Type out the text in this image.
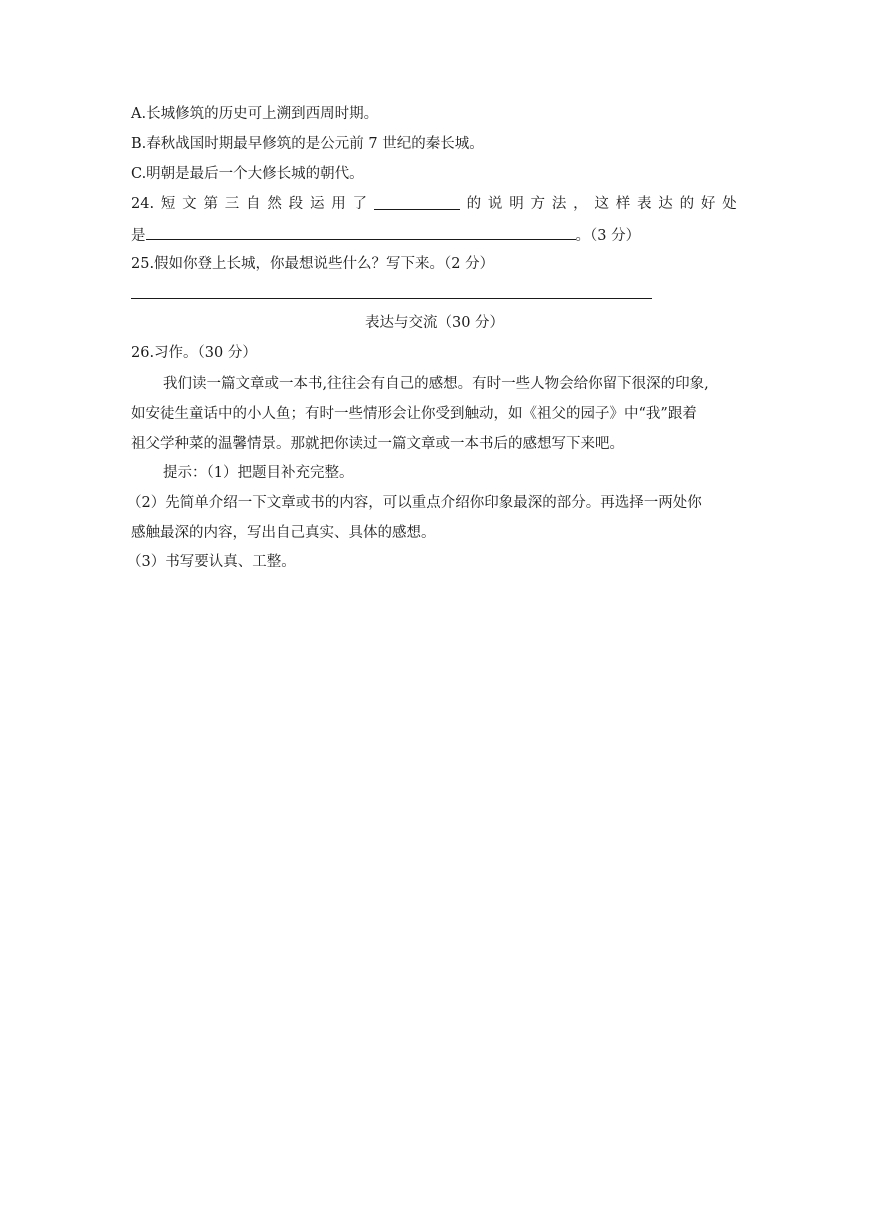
A.长城修筑的历史可上溯到西周时期。
B.春秋战国时期最早修筑的是公元前 7 世纪的秦长城。
C.明朝是最后一个大修长城的朝代。
24. 短 文 第 三 自 然 段 运 用 了	的 说 明 方 法 ， 这 样 表 达 的 好 处
是	。（3 分）
25.假如你登上长城，你最想说些什么？写下来。（2 分）
表达与交流（30 分）
26.习作。（30 分）
我们读一篇文章或一本书,往往会有自己的感想。有时一些人物会给你留下很深的印象,
如安徒生童话中的小人鱼；有时一些情形会让你受到触动，如《祖父的园子》中“我”跟着
祖父学种菜的温馨情景。那就把你读过一篇文章或一本书后的感想写下来吧。
提示：（1）把题目补充完整。
（2）先简单介绍一下文章或书的内容，可以重点介绍你印象最深的部分。再选择一两处你
感触最深的内容，写出自己真实、具体的感想。
（3）书写要认真、工整。
